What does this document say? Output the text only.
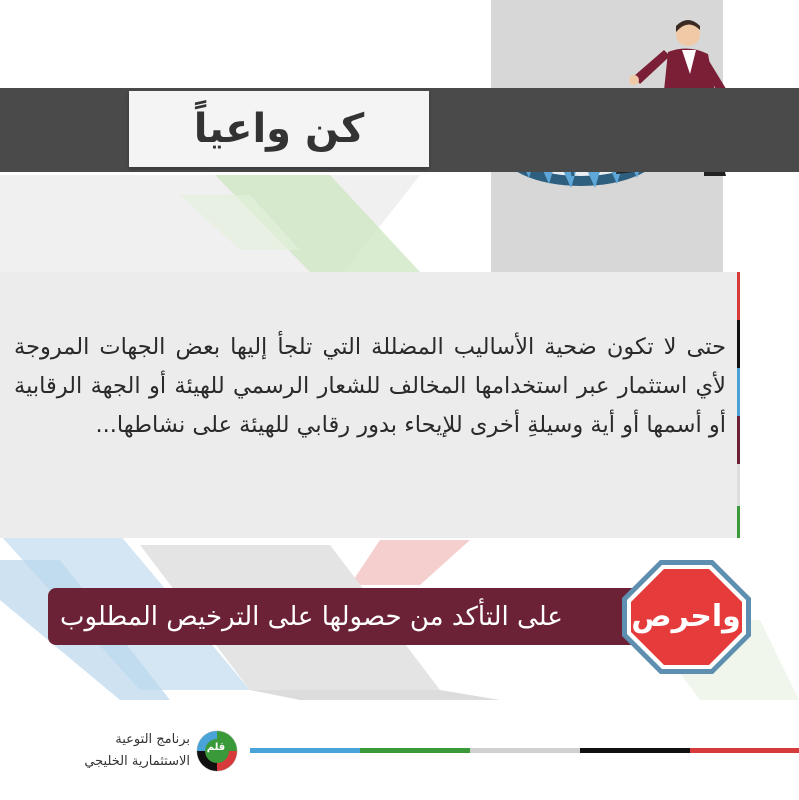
كن واعياً
حتى لا تكون ضحية الأساليب المضللة التي تلجأ إليها بعض الجهات المروجة لأي استثمار عبر استخدامها المخالف للشعار الرسمي للهيئة أو الجهة الرقابية أو أسمها أو أية وسيلةِ أخرى للإيحاء بدور رقابي للهيئة على نشاطها...
على التأكد من حصولها على الترخيص المطلوب	واحرص
برنامج التوعية
الاستثمارية الخليجي
قلم
